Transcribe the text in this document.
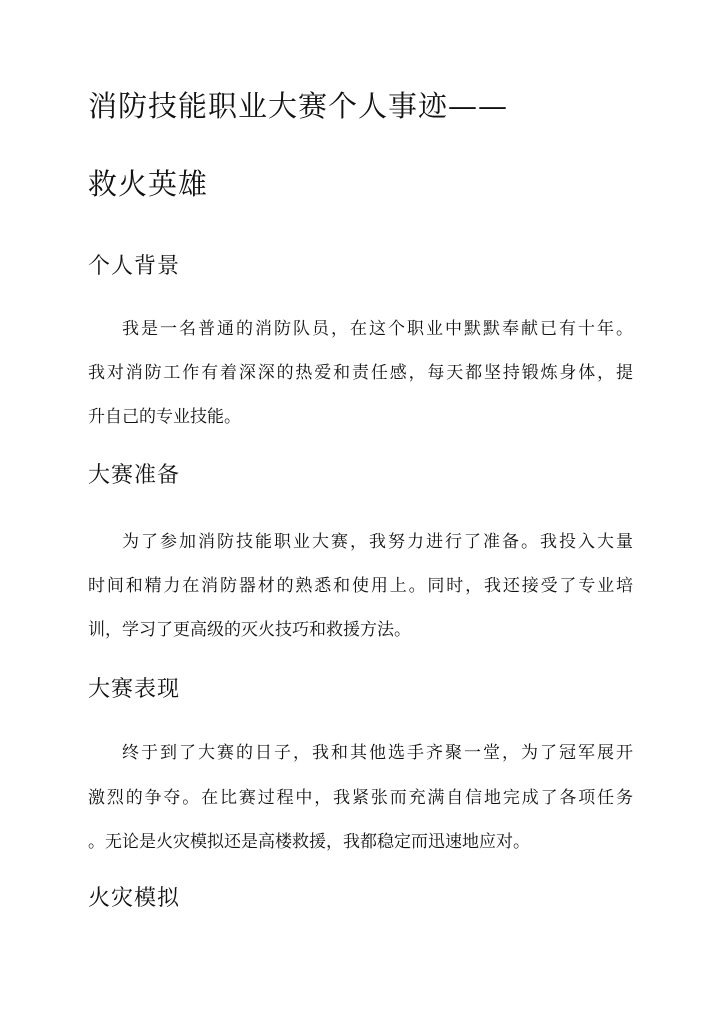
消防技能职业大赛个人事迹——
救火英雄
个人背景

我是一名普通的消防队员，在这个职业中默默奉献已有十年。

我对消防工作有着深深的热爱和责任感，每天都坚持锻炼身体，提

升自己的专业技能。

大赛准备

为了参加消防技能职业大赛，我努力进行了准备。我投入大量

时间和精力在消防器材的熟悉和使用上。同时，我还接受了专业培

训，学习了更高级的灭火技巧和救援方法。

大赛表现

终于到了大赛的日子，我和其他选手齐聚一堂，为了冠军展开

激烈的争夺。在比赛过程中，我紧张而充满自信地完成了各项任务

。无论是火灾模拟还是高楼救援，我都稳定而迅速地应对。

火灾模拟
